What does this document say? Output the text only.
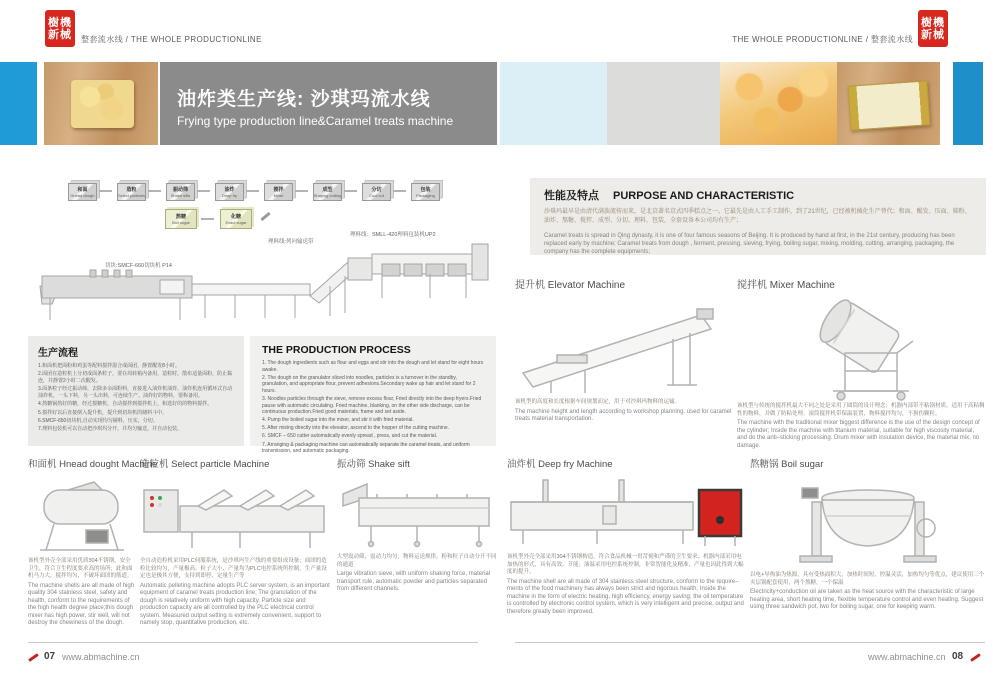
樹機
新械 整套流水线 / THE WHOLE PRODUCTIONLINE
樹機
新械
THE WHOLE PRODUCTIONLINE / 整套流水线
油炸类生产线: 沙琪玛流水线
Frying type production line&Caramel treats machine
和面
Hnead dough
造粒
Select particles
振动筛
Shake sifts
油炸
Deep fry
搅拌
Mixer
成型
Shaping cutting
分切
Cool cut
包装
Packaging
熬糖
Boil sugar
化糖
Exact sugar
切块:SMCF-660切块机 P14
理料线:列向输送带
理料线：SMLL-420理料包装机UP2

生产流程

1.和面机把面粉和鸡蛋等配料搅拌混合成面团，静置醒发8小时。

2.面团在造粒机上分切成面条粒子，要在周转箱内备用，造粒时，散布适量面粉，防止黏连，并静置2小时二次醒发。

3.面条粒子经过振动筛，去除多余面粉料，直接进入油炸机油炸，油炸机连用循环式自动油炸机，一头下料，另一头出料，可连续生产。油炸好的物料，要称备用。

4.熬糖锅熬好的糖，经过搅糖机，自动搅拌到搅拌机上，和选好的的物料搅拌。

5.搅拌好以后直接倒入提升机，提升到切块机的储料斗中。

6.SMCF-650切块机,自动实现均匀铺料，压实，分切。

7.理料包装机可以自动把沙琪玛分开，并均匀输送，并自动包装。

THE PRODUCTION PROCESS

1. The dough ingredients such as flour and eggs and stir into the dough and let stand for eight hours awake.

2. The dough on the granulator sliced into noodles, particles is a turnover in the standby, granulation, and appropriate flour, prevent adhesions.Secondary wake up hair and let stand for 2 hours.

3. Noodles particles through the sieve, remove excess flour, Fried directly into the deep fryers.Fried pause with automatic circulating. Fried machine, blanking, on the other side discharge, can be continuous production.Fried good materials, frame and set aside.

4. Pump the boiled sugar into the mixer, and stir it with fried material.

5. After mixing directly into the elevator, ascend to the hopper of the cutting machine.

6. SMCF – 650 cutter automatically evenly spread , press, and cut the material.

7. Arranging & packaging machine can automatically separate the caramel treats, and uniform transmission, and automatic packaging.

性能及特点 PURPOSE AND CHARACTERISTIC

沙琪玛最早是由清代满族流传而来，是北京著名京式四季糕点之一。它最先是由人工手工制作，到了21世纪，已经被机械化生产替代；和面、醒发、压面、筛粉、油炸、熬糖、搅拌、成型、分切、理料、包装，全套设备本公司均有生产；

Caramel treats is spread in Qing dynasty, it is one of four famous seasons of Beijing. It is produced by hand at first, in the 21st century, producing has been replaced early by machine; Caramel treats from dough , ferment, pressing, sieving, frying, boiling sugar, mixing, molding, cutting, arranging, packaging, the company has the complete equipments;

提升机 Elevator Machine

该机型的高度和长度根据车间规划而定，用于对沙琪玛物料的运输。

The machine height and length according to workshop planning, used for caramel treats material transportation.

搅拌机 Mixer Machine

该机型与传统的搅拌机最大不同之处是采用了圆筒的设计理念；机器内部带不粘锅材质，适用于高粘稠性的物料，并做了防粘处理。滚筒搅拌机带保温装置，物料搅拌均匀，不损伤颗粒。

The machine with the traditional mixer biggest difference is the use of the design concept of the cylinder; Inside the machine with titanium material, suitable for high viscosity material, and do the anti–sticking processing. Drum mixer with insulation device, the material mix, no damage.

和面机 Hnead dought Machine

该机型外壳全部采用优质304不锈钢，安全卫生，符合卫生程度要求高的场所；此和面机马力大，搅拌均匀，不破坏面团的筋道。

The machine shells are all made of high quality 304 stainless steel, safety and health, conform to the requirements of the high health degree place;this dough mixer has high power, stir well, will not destroy the chewiness of the dough.

造粒机 Select particle Machine

全自动造粒机采用PLC伺服系统，是沙琪玛生产线的重要组成设备；面团的造粒比较均匀，产量极高。粒子大小、产量均为PLC电控系统所控制。生产量设定也是极其方便，支持到即停、定量生产等

Automatic pelleting machine adopts PLC server system, is an important equipment of caramel treats production line; The granulation of the dough is relatively uniform with high capacity, Particle size and production capacity are all controlled by the PLC electrical control system. Measured output setting is extremely convenient, support to namely stop, quantitative production, etc.

振动筛 Shake sift

大型震动筛，震动力均匀，物料运送规律，粉和粒子自动分开不同的通道

Large vibration sieve, with uniform shaking force, material transport rule, automatic powder and particles separated from different channels.

油炸机 Deep fry Machine

该机型外壳全部采用304不锈钢构造，符合食品机械一贯苛刻和严谨的卫生要求；机器内部采用电加热的形式，具有高效、节能；油温采用电控系统控制，非常智能化及精准，产量也因此得到大幅度的提升。

The machine shell are all made of 304 stainless steel structure, conform to the require–ments of the food machinery has always been strict and rigorous health; Inside the machine in the form of electric heating, high efficiency, energy saving; the oil temperature is controlled by electronic control system, which is very intelligent and precise, output and therefore greatly been improved.

熬糖锅 Boil sugar

以电+导热油为热源，具有受热面积大，加热时间短，控温灵活，加热均匀等优点，建议使用三个夹层锅配套使用，两个熬糖，一个保温

Electricity+conduction oil are taken as the heat source with the characteristic of large heating area, short heating time, flexible temperature control and even heating. Suggest using three sandwich pot, two for boiling sugar, one for keeping warm.

07 www.abmachine.cn	www.abmachine.cn 08
